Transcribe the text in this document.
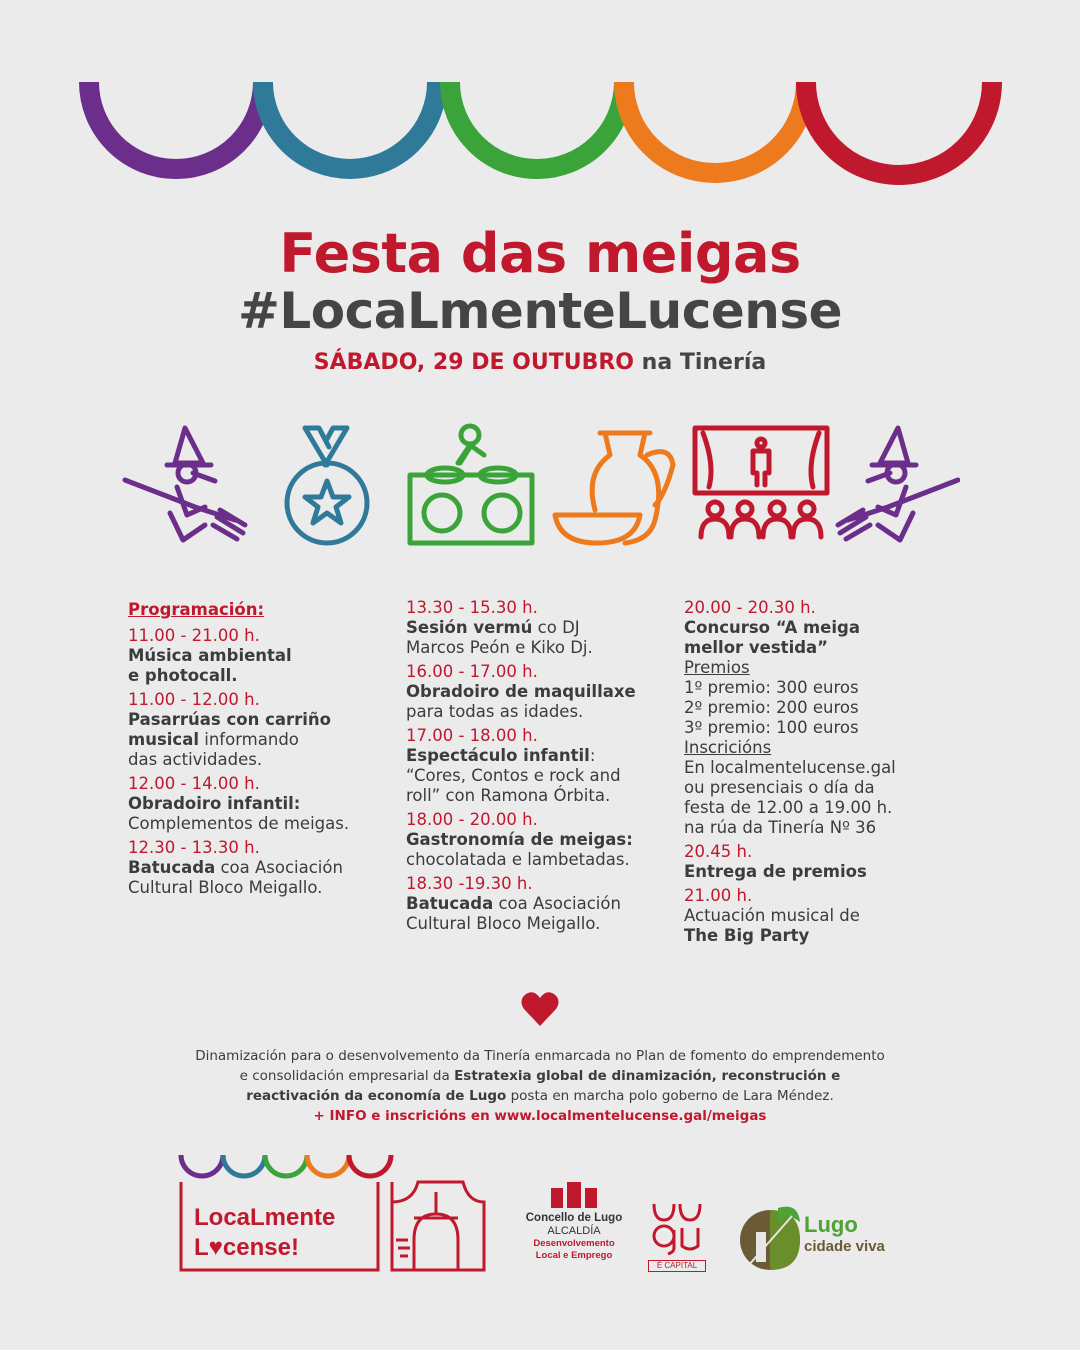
Festa das meigas
#LocaLmenteLucense
SÁBADO, 29 DE OUTUBRO na Tinería
Programación:
11.00 - 21.00 h.
Música ambiental
e photocall.
11.00 - 12.00 h.
Pasarrúas con carriño
musical informando
das actividades.
12.00 - 14.00 h.
Obradoiro infantil:
Complementos de meigas.
12.30 - 13.30 h.
Batucada coa Asociación
Cultural Bloco Meigallo.
13.30 - 15.30 h.
Sesión vermú co DJ
Marcos Peón e Kiko Dj.
16.00 - 17.00 h.
Obradoiro de maquillaxe
para todas as idades.
17.00 - 18.00 h.
Espectáculo infantil:
“Cores, Contos e rock and
roll” con Ramona Órbita.
18.00 - 20.00 h.
Gastronomía de meigas:
chocolatada e lambetadas.
18.30 -19.30 h.
Batucada coa Asociación
Cultural Bloco Meigallo.
20.00 - 20.30 h.
Concurso “A meiga
mellor vestida”
Premios
1º premio: 300 euros
2º premio: 200 euros
3º premio: 100 euros
Inscricións
En localmentelucense.gal
ou presenciais o día da
festa de 12.00 a 19.00 h.
na rúa da Tinería Nº 36
20.45 h.
Entrega de premios
21.00 h.
Actuación musical de
The Big Party
Dinamización para o desenvolvemento da Tinería enmarcada no Plan de fomento do emprendemento
e consolidación empresarial da Estratexia global de dinamización, reconstrución e
reactivación da economía de Lugo posta en marcha polo goberno de Lara Méndez.
+ INFO e inscricións en www.localmentelucense.gal/meigas
LocaLmente
L♥cense!
Concello de Lugo
ALCALDÍA
Desenvolvemento
Local e Emprego
É CAPITAL
Lugo
cidade viva
